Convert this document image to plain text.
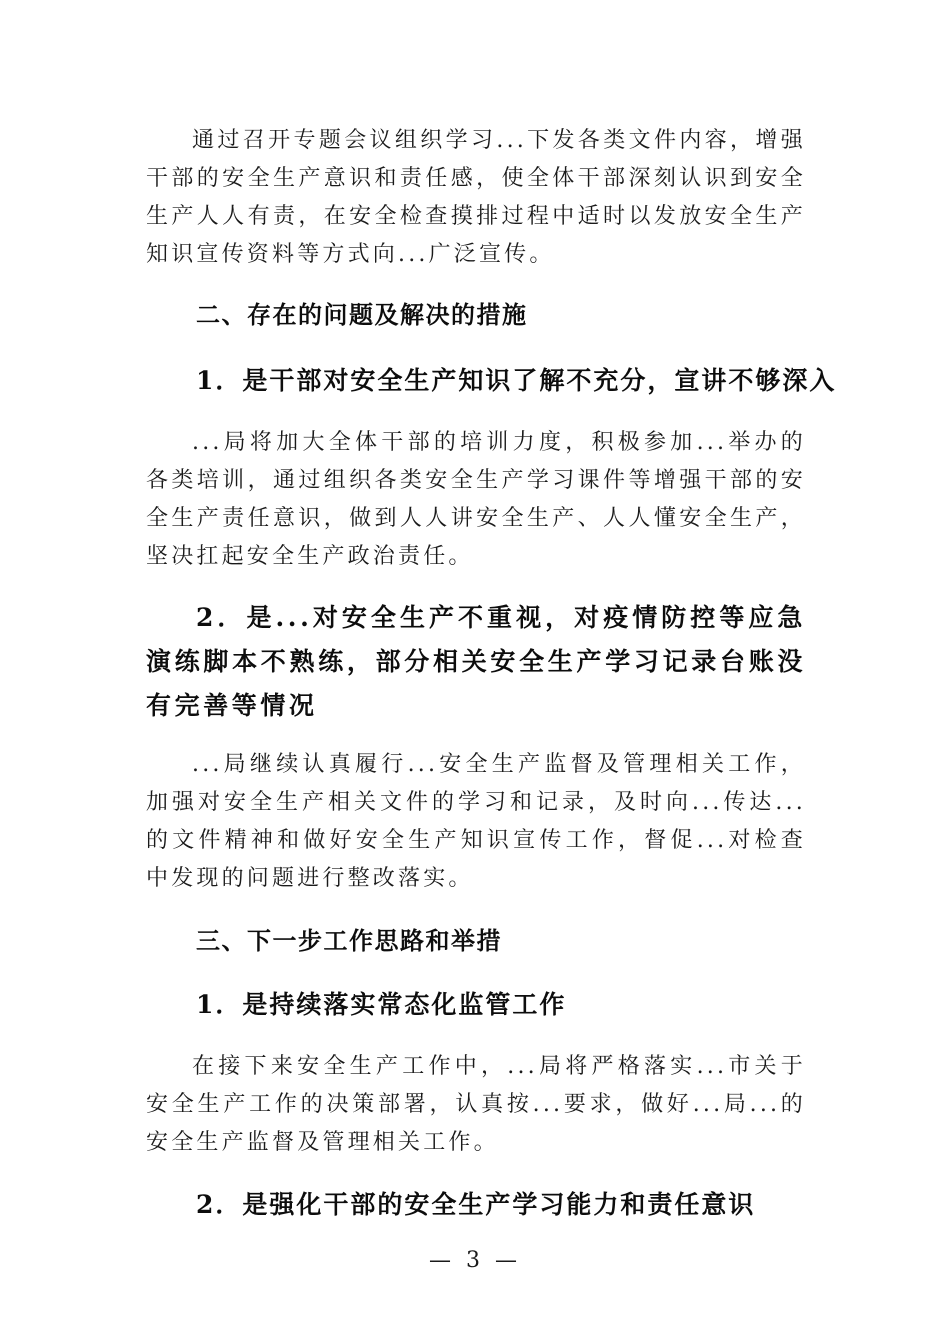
通过召开专题会议组织学习...下发各类文件内容，增强干部的安全生产意识和责任感，使全体干部深刻认识到安全生产人人有责，在安全检查摸排过程中适时以发放安全生产知识宣传资料等方式向...广泛宣传。

二、存在的问题及解决的措施
1．是干部对安全生产知识了解不充分，宣讲不够深入

...局将加大全体干部的培训力度，积极参加...举办的各类培训，通过组织各类安全生产学习课件等增强干部的安全生产责任意识，做到人人讲安全生产、人人懂安全生产，坚决扛起安全生产政治责任。

2．是...对安全生产不重视，对疫情防控等应急演练脚本不熟练，部分相关安全生产学习记录台账没有完善等情况

...局继续认真履行...安全生产监督及管理相关工作，加强对安全生产相关文件的学习和记录，及时向...传达...的文件精神和做好安全生产知识宣传工作，督促...对检查中发现的问题进行整改落实。

三、下一步工作思路和举措
1．是持续落实常态化监管工作

在接下来安全生产工作中，...局将严格落实...市关于安全生产工作的决策部署，认真按...要求，做好...局...的安全生产监督及管理相关工作。

2．是强化干部的安全生产学习能力和责任意识
— 3 —
